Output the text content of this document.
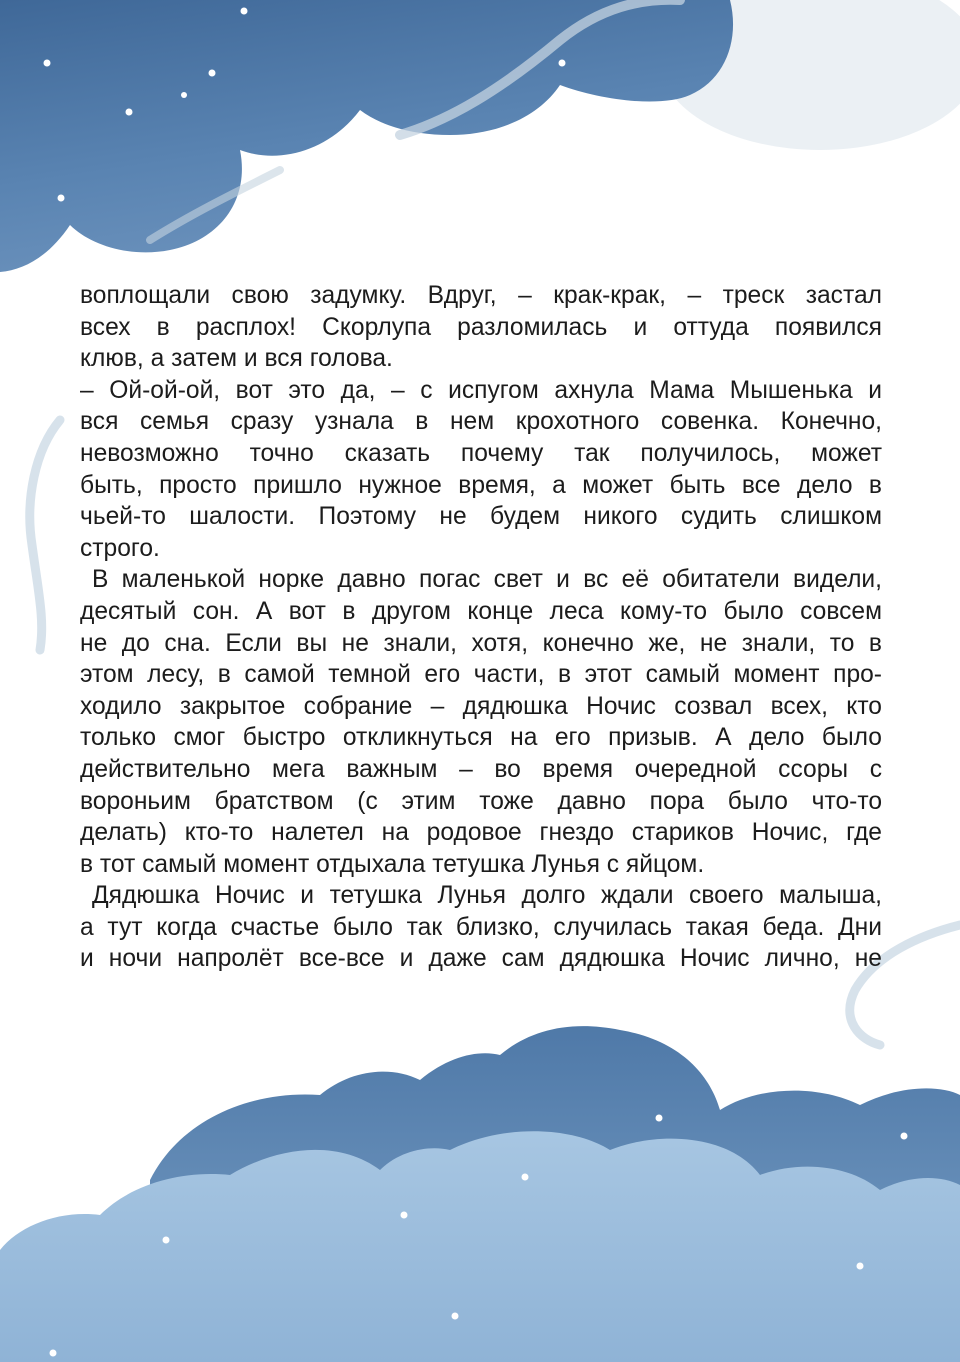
воплощали свою задумку. Вдруг, – крак-крак, – треск застал
всех в расплох! Скорлупа разломилась и оттуда появился
клюв, а затем и вся голова.

– Ой-ой-ой, вот это да, – с испугом ахнула Мама Мышенька и
вся семья сразу узнала в нем крохотного совенка. Конечно,
невозможно точно сказать почему так получилось, может
быть, просто пришло нужное время, а может быть все дело в
чьей-то шалости. Поэтому не будем никого судить слишком
строго.

В маленькой норке давно погас свет и вс её обитатели видели,
десятый сон. А вот в другом конце леса кому-то было совсем
не до сна. Если вы не знали, хотя, конечно же, не знали, то в
этом лесу, в самой темной его части, в этот самый момент про-
ходило закрытое собрание – дядюшка Ночис созвал всех, кто
только смог быстро откликнуться на его призыв. А дело было
действительно мега важным – во время очередной ссоры с
вороньим братством (с этим тоже давно пора было что-то
делать) кто-то налетел на родовое гнездо стариков Ночис, где
в тот самый момент отдыхала тетушка Лунья с яйцом.

Дядюшка Ночис и тетушка Лунья долго ждали своего малыша,
а тут когда счастье было так близко, случилась такая беда. Дни
и ночи напролёт все-все и даже сам дядюшка Ночис лично, не
